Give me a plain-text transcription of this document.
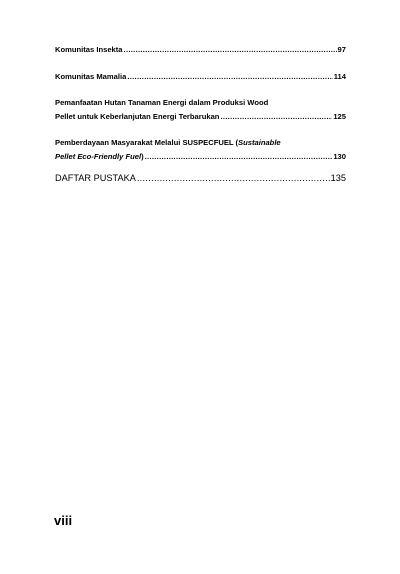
Komunitas Insekta .....	97
Komunitas Mamalia .....	114
Pemanfaatan Hutan Tanaman Energi dalam Produksi Wood
Pellet untuk Keberlanjutan Energi Terbarukan .....	125
Pemberdayaan Masyarakat Melalui SUSPECFUEL ( Sustainable
Pellet Eco-Friendly Fuel ) .....	130
DAFTAR PUSTAKA .....	135
viii
